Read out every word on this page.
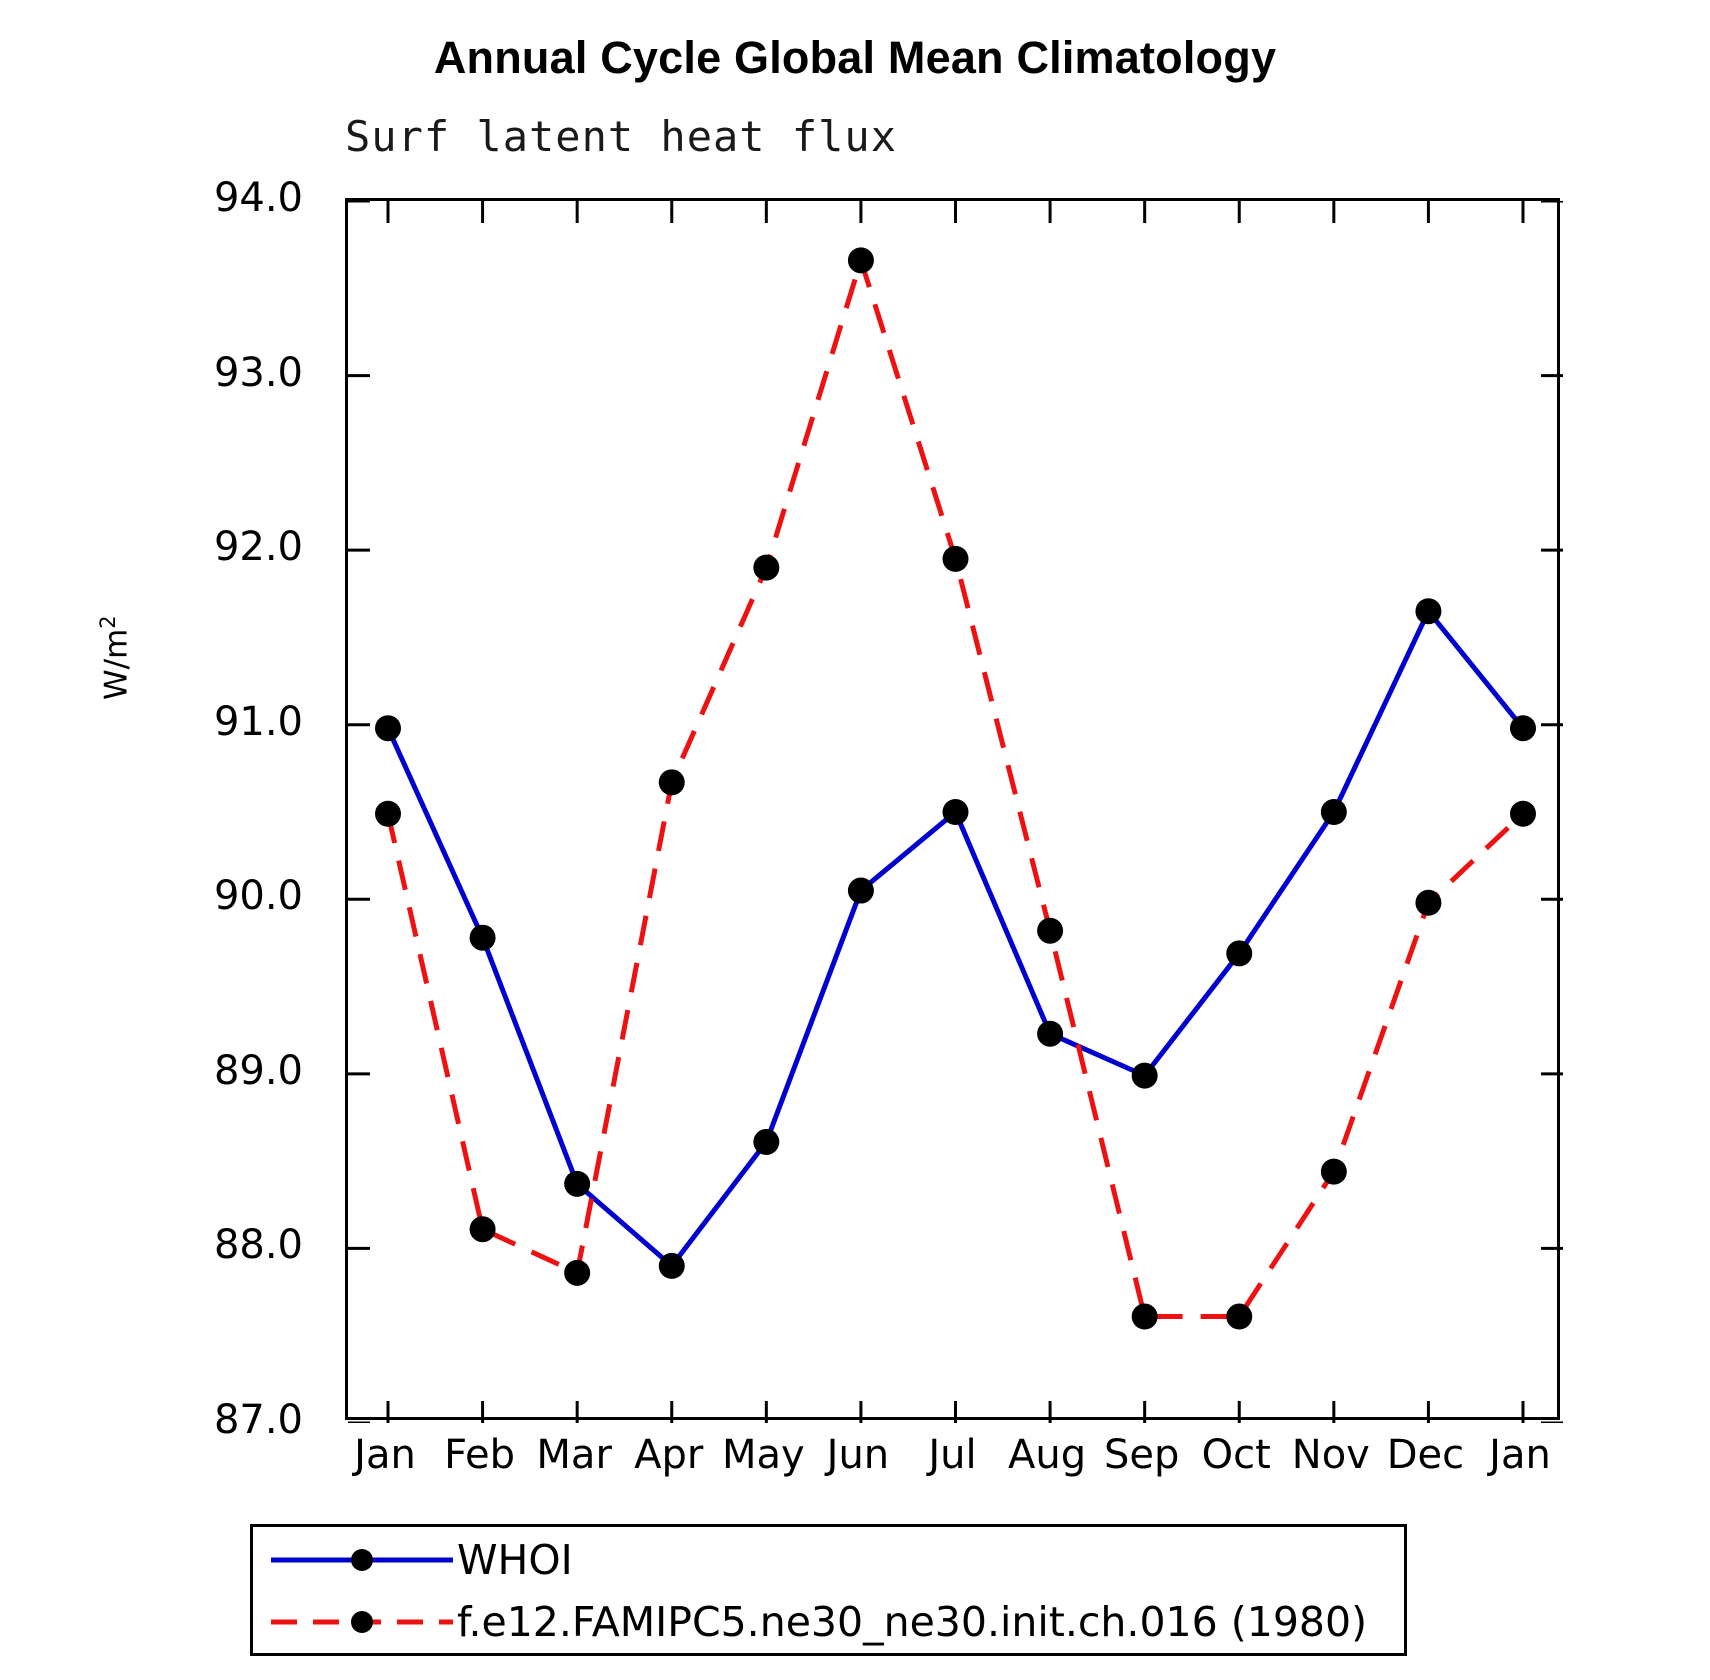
Annual Cycle Global Mean Climatology
Surf latent heat flux
$W/m^2$
87.0
88.0
89.0
90.0
91.0
92.0
93.0
94.0
Jan Feb Mar Apr May Jun Jul Aug Sep Oct Nov Dec Jan
WHOI
f.e12.FAMIPC5.ne30_ne30.init.ch.016 (1980)
